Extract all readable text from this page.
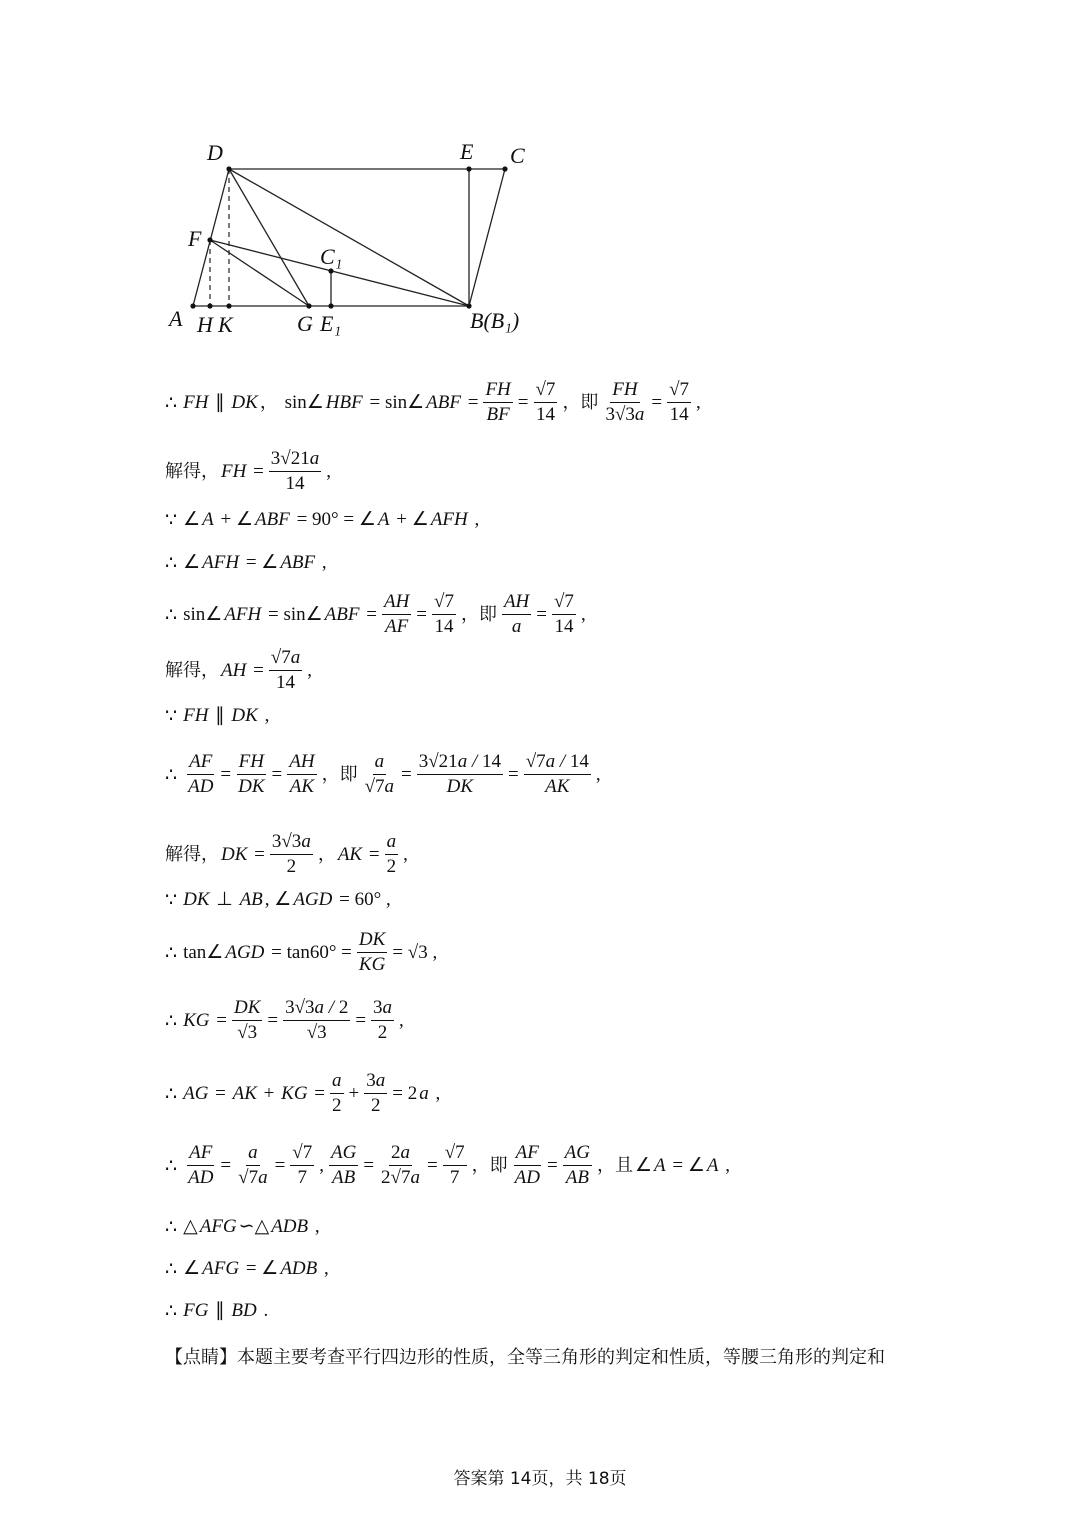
D	E C
F
C₁
A H K	G E₁	B(B₁)
∴ FH ∥ DK ， sin∠ HBF = sin∠ ABF = $\frac{FH}{BF} = \frac{√7}{14}$ ，即 $\frac{FH}{3√3a} = \frac{√7}{14}$ ,
解得， FH = $\frac{3√21a}{14}$ ,
∵ ∠ A + ∠ ABF = 90° = ∠ A + ∠ AFH ,
∴ ∠ AFH = ∠ ABF ,
∴ sin∠ AFH = sin∠ ABF = $\frac{AH}{AF} = \frac{√7}{14}$ ，即 $\frac{AH}{a} = \frac{√7}{14}$ ,
解得， AH = $\frac{√7a}{14}$ ,
∵ FH ∥ DK ,
∴ $\frac{AF}{AD} = \frac{FH}{DK} = \frac{AH}{AK}$ ，即 $\frac{a}{√7a} = \frac{3√21a / 14}{DK} = \frac{√7a / 14}{AK}$ ,
解得， DK = $\frac{3√3a}{2}$ ， AK = $\frac{a}{2}$ ,
∵ DK ⊥ AB , ∠ AGD = 60° ,
∴ tan∠ AGD = $\tan 60^\circ = \frac{DK}{KG} = √3$ ,
∴ KG = $\frac{DK}{√3} = \frac{3√3a / 2}{√3} = \frac{3a}{2}$ ,
∴ AG = AK + KG = $\frac{a}{2} + \frac{3a}{2} = 2$ a ,
∴ $\frac{AF}{AD} = \frac{a}{√7a} = \frac{√7}{7}$ , $\frac{AG}{AB} = \frac{2a}{2√7a} = \frac{√7}{7}$ ，即 $\frac{AF}{AD} = \frac{AG}{AB}$ ，且 ∠ A = ∠ A ,
∴ △ AFG ∽△ ADB ,
∴ ∠ AFG = ∠ ADB ,
∴ FG ∥ BD .
【点睛】本题主要考查平行四边形的性质，全等三角形的判定和性质，等腰三角形的判定和
答案第 14页，共 18页
